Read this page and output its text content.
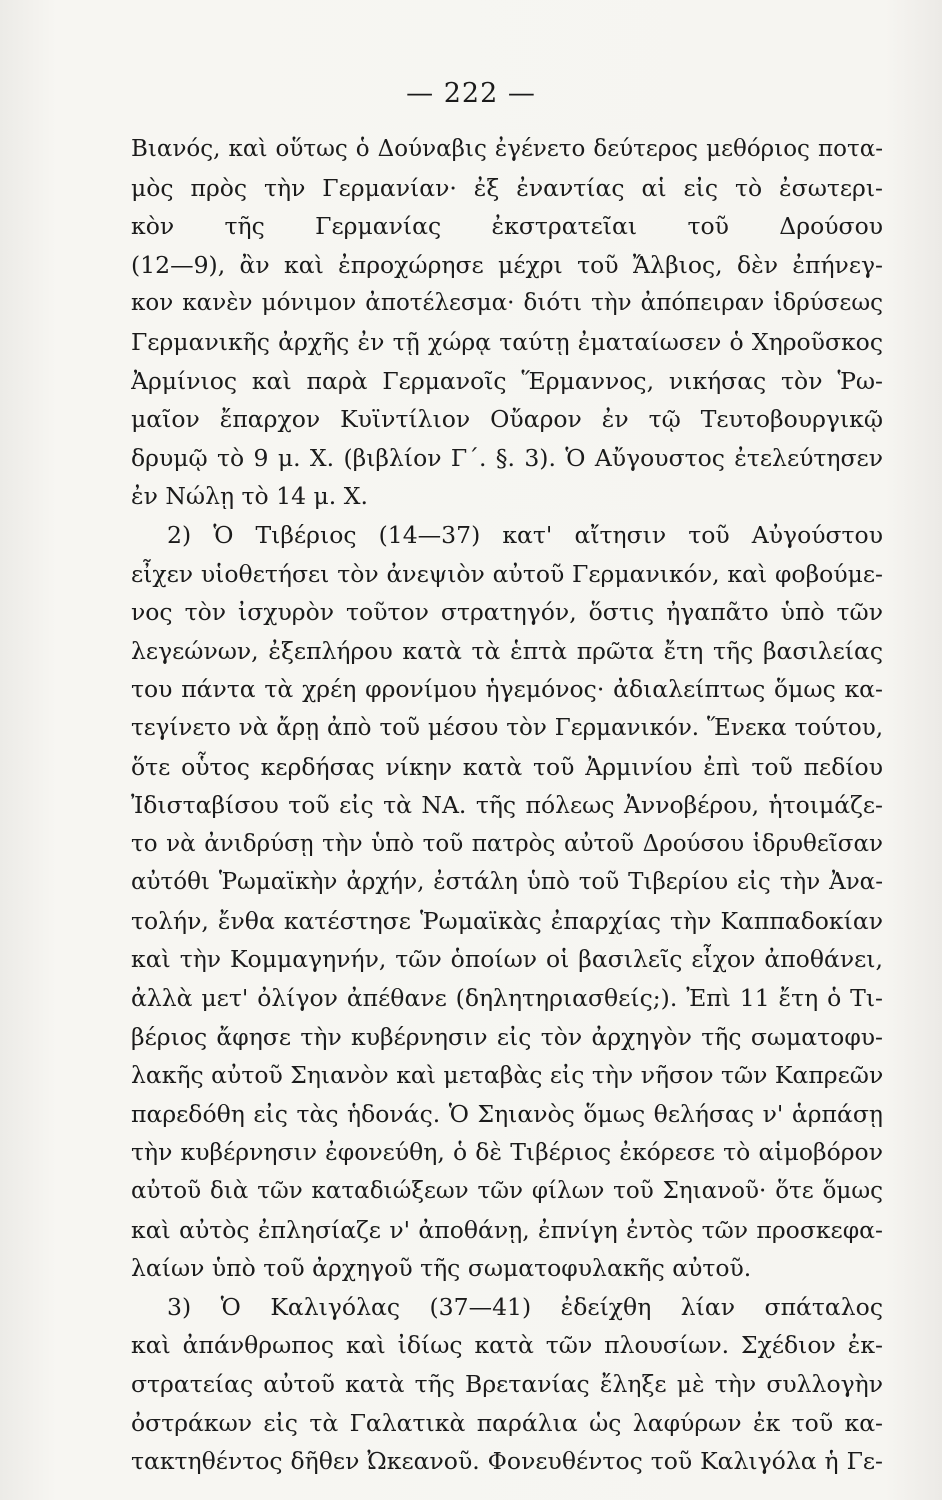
— 222 —
Βιανός, καὶ οὕτως ὁ Δούναβις ἐγένετο δεύτερος μεθόριος ποτα-
μὸς πρὸς τὴν Γερμανίαν· ἐξ ἐναντίας αἱ εἰς τὸ ἐσωτερι-
κὸν τῆς Γερμανίας ἐκστρατεῖαι τοῦ Δρούσου
(12—9), ἂν καὶ ἐπροχώρησε μέχρι τοῦ Ἄλβιος, δὲν ἐπήνεγ-
κον κανὲν μόνιμον ἀποτέλεσμα· διότι τὴν ἀπόπειραν ἱδρύσεως
Γερμανικῆς ἀρχῆς ἐν τῇ χώρᾳ ταύτῃ ἐματαίωσεν ὁ Χηροῦσκος
Ἀρμίνιος καὶ παρὰ Γερμανοῖς Ἕρμαννος, νικήσας τὸν Ῥω-
μαῖον ἔπαρχον Κυϊντίλιον Οὔαρον ἐν τῷ Τευτοβουργικῷ
δρυμῷ τὸ 9 μ. Χ. (βιβλίον Γ΄. §. 3). Ὁ Αὔγουστος ἐτελεύτησεν
ἐν Νώλῃ τὸ 14 μ. Χ.
2) Ὁ Τιβέριος (14—37) κατ' αἴτησιν τοῦ Αὐγούστου
εἶχεν υἱοθετήσει τὸν ἀνεψιὸν αὐτοῦ Γερμανικόν, καὶ φοβούμε-
νος τὸν ἰσχυρὸν τοῦτον στρατηγόν, ὅστις ἠγαπᾶτο ὑπὸ τῶν
λεγεώνων, ἐξεπλήρου κατὰ τὰ ἑπτὰ πρῶτα ἔτη τῆς βασιλείας
του πάντα τὰ χρέη φρονίμου ἡγεμόνος· ἀδιαλείπτως ὅμως κα-
τεγίνετο νὰ ἄρῃ ἀπὸ τοῦ μέσου τὸν Γερμανικόν. Ἕνεκα τούτου,
ὅτε οὗτος κερδήσας νίκην κατὰ τοῦ Ἀρμινίου ἐπὶ τοῦ πεδίου
Ἰδισταβίσου τοῦ εἰς τὰ ΝΑ. τῆς πόλεως Ἀννοβέρου, ἡτοιμάζε-
το νὰ ἀνιδρύσῃ τὴν ὑπὸ τοῦ πατρὸς αὐτοῦ Δρούσου ἱδρυθεῖσαν
αὐτόθι Ῥωμαϊκὴν ἀρχήν, ἐστάλη ὑπὸ τοῦ Τιβερίου εἰς τὴν Ἀνα-
τολήν, ἔνθα κατέστησε Ῥωμαϊκὰς ἐπαρχίας τὴν Καππαδοκίαν
καὶ τὴν Κομμαγηνήν, τῶν ὁποίων οἱ βασιλεῖς εἶχον ἀποθάνει,
ἀλλὰ μετ' ὀλίγον ἀπέθανε (δηλητηριασθείς;). Ἐπὶ 11 ἔτη ὁ Τι-
βέριος ἄφησε τὴν κυβέρνησιν εἰς τὸν ἀρχηγὸν τῆς σωματοφυ-
λακῆς αὐτοῦ Σηιανὸν καὶ μεταβὰς εἰς τὴν νῆσον τῶν Καπρεῶν
παρεδόθη εἰς τὰς ἡδονάς. Ὁ Σηιανὸς ὅμως θελήσας ν' ἁρπάσῃ
τὴν κυβέρνησιν ἐφονεύθη, ὁ δὲ Τιβέριος ἐκόρεσε τὸ αἱμοβόρον
αὐτοῦ διὰ τῶν καταδιώξεων τῶν φίλων τοῦ Σηιανοῦ· ὅτε ὅμως
καὶ αὐτὸς ἐπλησίαζε ν' ἀποθάνῃ, ἐπνίγη ἐντὸς τῶν προσκεφα-
λαίων ὑπὸ τοῦ ἀρχηγοῦ τῆς σωματοφυλακῆς αὐτοῦ.
3) Ὁ Καλιγόλας (37—41) ἐδείχθη λίαν σπάταλος
καὶ ἀπάνθρωπος καὶ ἰδίως κατὰ τῶν πλουσίων. Σχέδιον ἐκ-
στρατείας αὐτοῦ κατὰ τῆς Βρετανίας ἔληξε μὲ τὴν συλλογὴν
ὀστράκων εἰς τὰ Γαλατικὰ παράλια ὡς λαφύρων ἐκ τοῦ κα-
τακτηθέντος δῆθεν Ὠκεανοῦ. Φονευθέντος τοῦ Καλιγόλα ἡ Γε-
